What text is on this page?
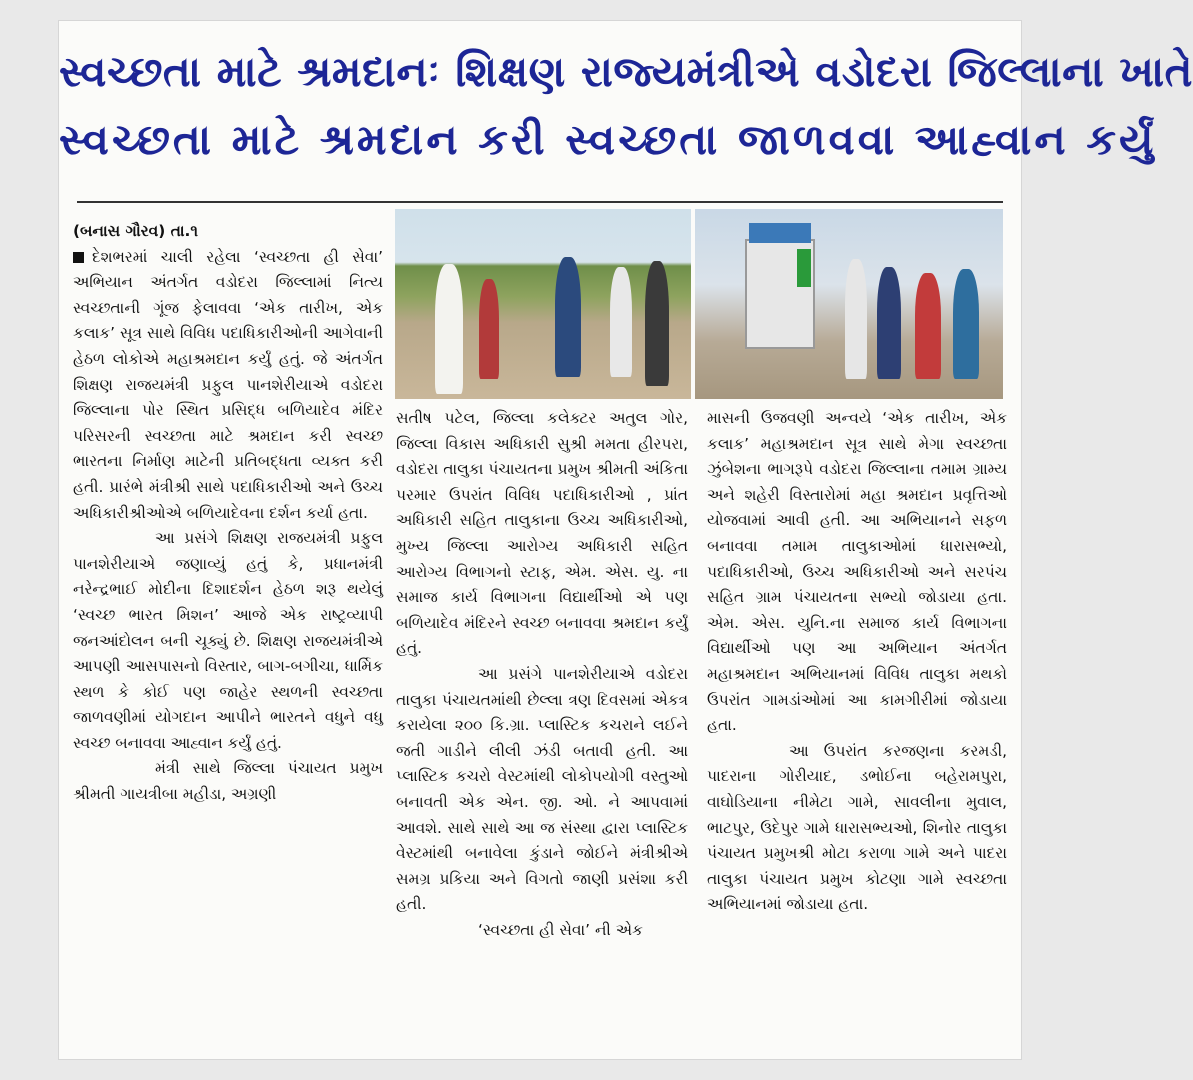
સ્વચ્છતા માટે શ્રમદાનઃ શિક્ષણ રાજ્યમંત્રીએ વડોદરા જિલ્લાના ખાતે
સ્વચ્છતા માટે શ્રમદાન કરી સ્વચ્છતા જાળવવા આહ્વાન કર્યું

(બનાસ ગૌરવ) તા.૧

દેશભરમાં ચાલી રહેલા ‘સ્વચ્છતા હી સેવા’ અભિયાન અંતર્ગત વડોદરા જિલ્લામાં નિત્ય સ્વચ્છતાની ગૂંજ ફેલાવવા ‘એક તારીખ, એક કલાક’ સૂત્ર સાથે વિવિધ પદાધિકારીઓની આગેવાની હેઠળ લોકોએ મહાશ્રમદાન કર્યું હતું. જે અંતર્ગત શિક્ષણ રાજયમંત્રી પ્રફુલ પાનશેરીયાએ વડોદરા જિલ્લાના પોર સ્થિત પ્રસિદ્ધ બળિયાદેવ મંદિર પરિસરની સ્વચ્છતા માટે શ્રમદાન કરી સ્વચ્છ ભારતના નિર્માણ માટેની પ્રતિબદ્ધતા વ્યક્ત કરી હતી. પ્રારંભે મંત્રીશ્રી સાથે પદાધિકારીઓ અને ઉચ્ચ અધિકારીશ્રીઓએ બળિયાદેવના દર્શન કર્યા હતા.

આ પ્રસંગે શિક્ષણ રાજયમંત્રી પ્રફુલ પાનશેરીયાએ જણાવ્યું હતું કે, પ્રધાનમંત્રી નરેન્દ્રભાઈ મોદીના દિશાદર્શન હેઠળ શરૂ થયેલું ‘સ્વચ્છ ભારત મિશન’ આજે એક રાષ્ટ્રવ્યાપી જનઆંદોલન બની ચૂક્યું છે. શિક્ષણ રાજયમંત્રીએ આપણી આસપાસનો વિસ્તાર, બાગ-બગીચા, ધાર્મિક સ્થળ કે કોઈ પણ જાહેર સ્થળની સ્વચ્છતા જાળવણીમાં યોગદાન આપીને ભારતને વધુને વધુ સ્વચ્છ બનાવવા આહ્વાન કર્યું હતું.

મંત્રી સાથે જિલ્લા પંચાયત પ્રમુખ શ્રીમતી ગાયત્રીબા મહીડા, અગ્રણી

સતીષ પટેલ, જિલ્લા કલેક્ટર અતુલ ગોર, જિલ્લા વિકાસ અધિકારી સુશ્રી મમતા હીરપરા, વડોદરા તાલુકા પંચાયતના પ્રમુખ શ્રીમતી અંકિતા પરમાર ઉપરાંત વિવિધ પદાધિકારીઓ , પ્રાંત અધિકારી સહિત તાલુકાના ઉચ્ચ અધિકારીઓ, મુખ્ય જિલ્લા આરોગ્ય અધિકારી સહિત આરોગ્ય વિભાગનો સ્ટાફ, એમ. એસ. યુ. ના સમાજ કાર્ય વિભાગના વિદ્યાર્થીઓ એ પણ બળિયાદેવ મંદિરને સ્વચ્છ બનાવવા શ્રમદાન કર્યું હતું.

આ પ્રસંગે પાનશેરીયાએ વડોદરા તાલુકા પંચાયતમાંથી છેલ્લા ત્રણ દિવસમાં એકત્ર કરાયેલા ૨૦૦ કિ.ગ્રા. પ્લાસ્ટિક કચરાને લઈને જતી ગાડીને લીલી ઝંડી બતાવી હતી. આ પ્લાસ્ટિક કચરો વેસ્ટમાંથી લોકોપયોગી વસ્તુઓ બનાવતી એક એન. જી. ઓ. ને આપવામાં આવશે. સાથે સાથે આ જ સંસ્થા દ્વારા પ્લાસ્ટિક વેસ્ટમાંથી બનાવેલા કુંડાને જોઈને મંત્રીશ્રીએ સમગ્ર પ્રકિયા અને વિગતો જાણી પ્રસંશા કરી હતી.

‘સ્વચ્છતા હી સેવા’ ની એક

માસની ઉજવણી અન્વયે ‘એક તારીખ, એક કલાક’ મહાશ્રમદાન સૂત્ર સાથે મેગા સ્વચ્છતા ઝુંબેશના ભાગરૂપે વડોદરા જિલ્લાના તમામ ગ્રામ્ય અને શહેરી વિસ્તારોમાં મહા શ્રમદાન પ્રવૃત્તિઓ યોજવામાં આવી હતી. આ અભિયાનને સફળ બનાવવા તમામ તાલુકાઓમાં ધારાસભ્યો, પદાધિકારીઓ, ઉચ્ચ અધિકારીઓ અને સરપંચ સહિત ગ્રામ પંચાયતના સભ્યો જોડાયા હતા. એમ. એસ. યુનિ.ના સમાજ કાર્ય વિભાગના વિદ્યાર્થીઓ પણ આ અભિયાન અંતર્ગત મહાશ્રમદાન અભિયાનમાં વિવિધ તાલુકા મથકો ઉપરાંત ગામડાંઓમાં આ કામગીરીમાં જોડાયા હતા.

આ ઉપરાંત કરજણના કરમડી, પાદરાના ગોરીયાદ, ડભોઈના બહેરામપુરા, વાઘોડિયાના નીમેટા ગામે, સાવલીના મુવાલ, ભાટપુર, ઉદેપુર ગામે ધારાસભ્યઓ, શિનોર તાલુકા પંચાયત પ્રમુખશ્રી મોટા કરાળા ગામે અને પાદરા તાલુકા પંચાયત પ્રમુખ કોટણા ગામે સ્વચ્છતા અભિયાનમાં જોડાયા હતા.
